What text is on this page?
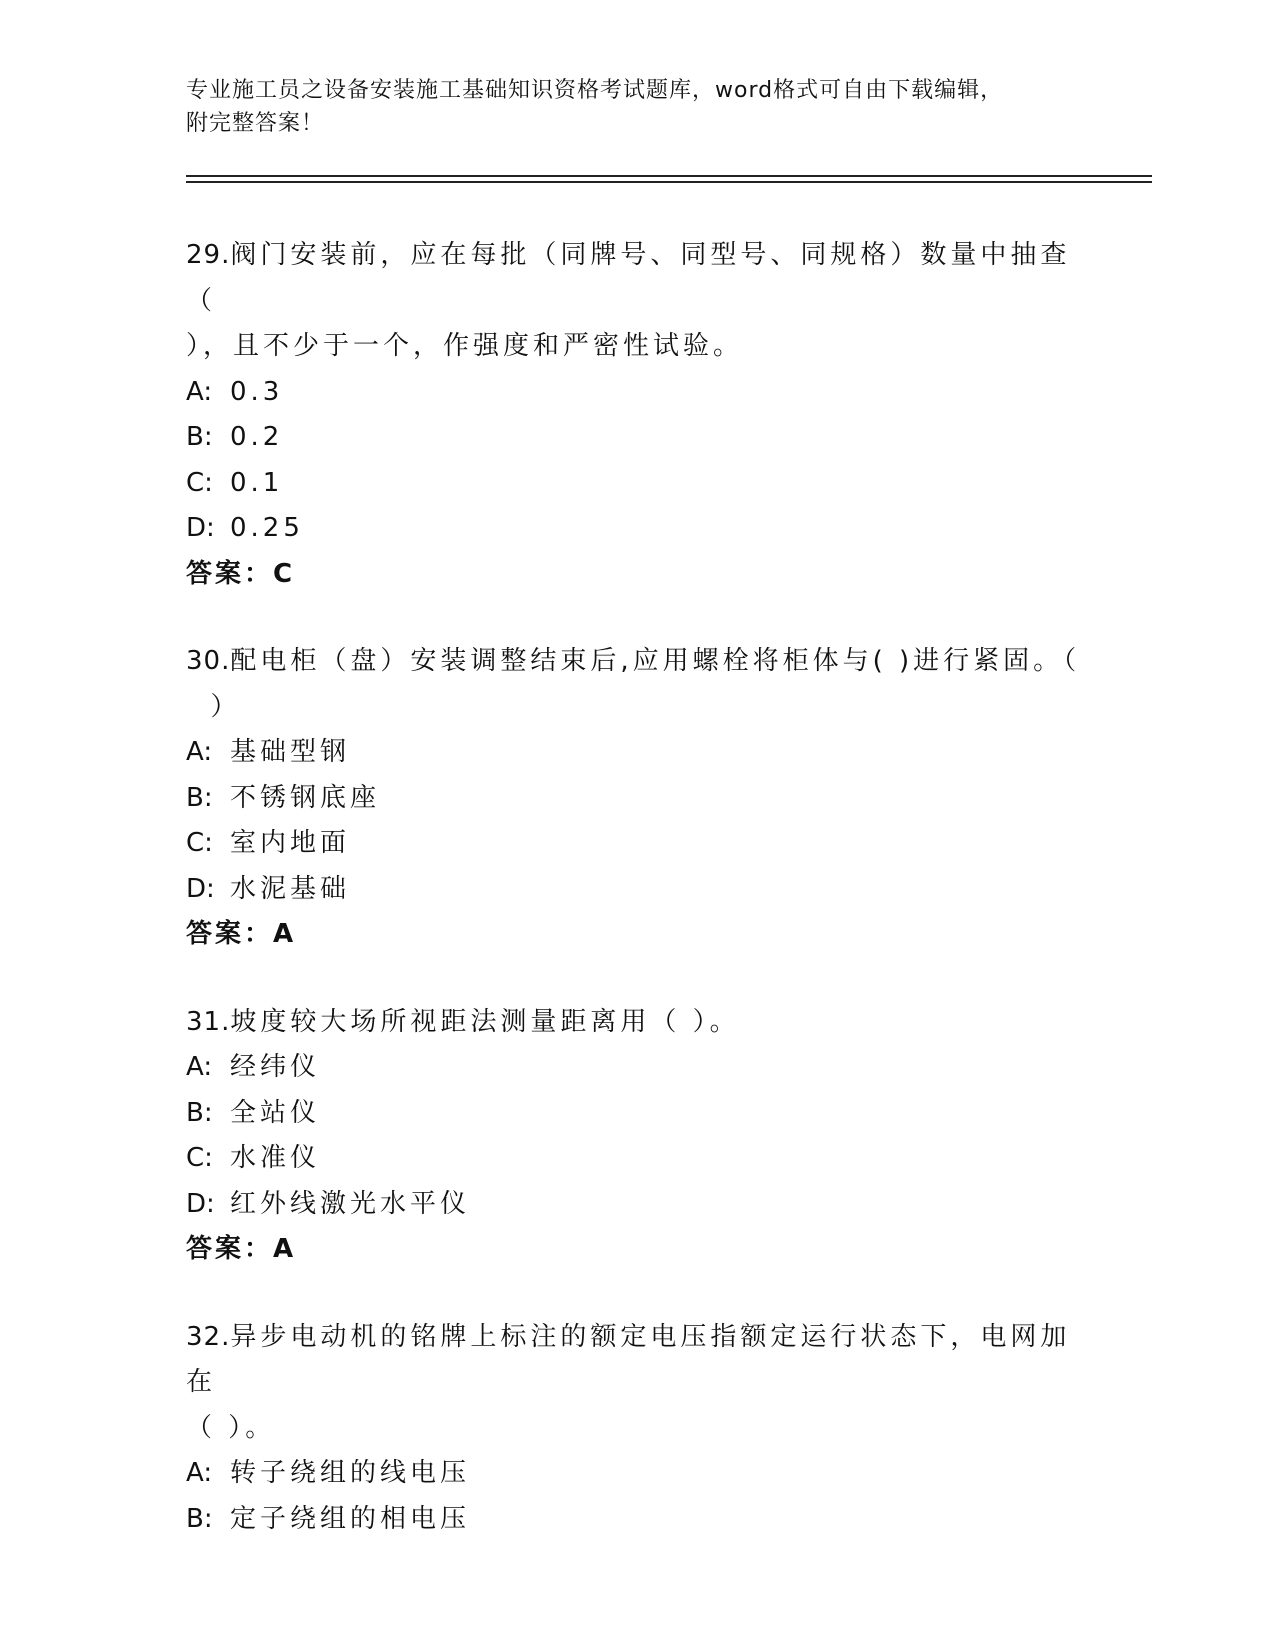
专业施工员之设备安装施工基础知识资格考试题库，word格式可自由下载编辑，
附完整答案！

29.阀门安装前，应在每批（同牌号、同型号、同规格）数量中抽查（

），且不少于一个，作强度和严密性试验。

A: 0.3

B: 0.2

C: 0.1

D: 0.25

答案：C

30.配电柜（盘）安装调整结束后,应用螺栓将柜体与( )进行紧固。（

）

A: 基础型钢

B: 不锈钢底座

C: 室内地面

D: 水泥基础

答案：A

31.坡度较大场所视距法测量距离用（ ）。

A: 经纬仪

B: 全站仪

C: 水准仪

D: 红外线激光水平仪

答案：A

32.异步电动机的铭牌上标注的额定电压指额定运行状态下，电网加在

（ ）。

A: 转子绕组的线电压

B: 定子绕组的相电压
